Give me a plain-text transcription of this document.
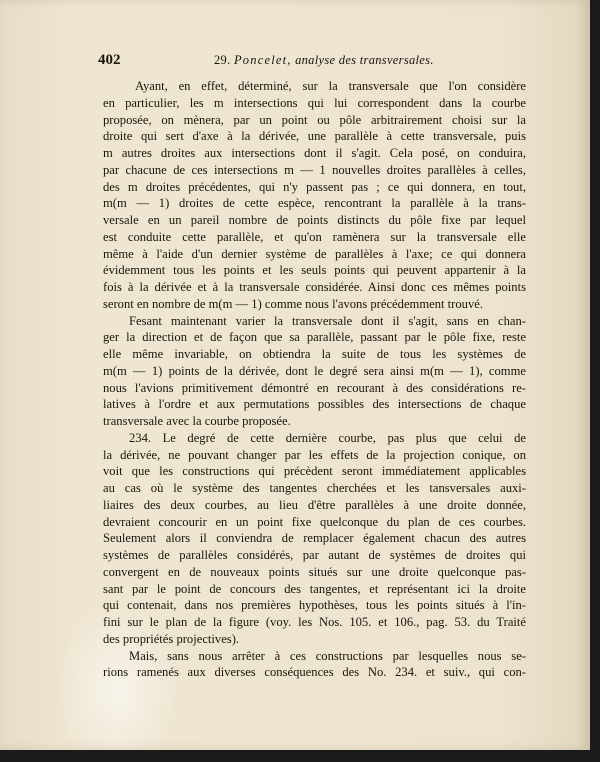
402	29. Poncelet, analyse des transversales.

Ayant, en effet, déterminé, sur la transversale que l'on considère
en particulier, les m intersections qui lui correspondent dans la courbe
proposée, on mènera, par un point ou pôle arbitrairement choisi sur la
droite qui sert d'axe à la dérivée, une parallèle à cette transversale, puis
m autres droites aux intersections dont il s'agit. Cela posé, on conduira,
par chacune de ces intersections m — 1 nouvelles droites parallèles à celles,
des m droites précédentes, qui n'y passent pas ; ce qui donnera, en tout,
m(m — 1) droites de cette espèce, rencontrant la parallèle à la trans-
versale en un pareil nombre de points distincts du pôle fixe par lequel
est conduite cette parallèle, et qu'on ramènera sur la transversale elle
même à l'aide d'un dernier système de parallèles à l'axe; ce qui donnera
évidemment tous les points et les seuls points qui peuvent appartenir à la
fois à la dérivée et à la transversale considérée. Ainsi donc ces mêmes points
seront en nombre de m(m — 1) comme nous l'avons précédemment trouvé.

Fesant maintenant varier la transversale dont il s'agit, sans en chan-
ger la direction et de façon que sa parallèle, passant par le pôle fixe, reste
elle même invariable, on obtiendra la suite de tous les systèmes de
m(m — 1) points de la dérivée, dont le degré sera ainsi m(m — 1), comme
nous l'avions primitivement démontré en recourant à des considérations re-
latives à l'ordre et aux permutations possibles des intersections de chaque
transversale avec la courbe proposée.

234. Le degré de cette dernière courbe, pas plus que celui de
la dérivée, ne pouvant changer par les effets de la projection conique, on
voit que les constructions qui précèdent seront immédiatement applicables
au cas où le système des tangentes cherchées et les tansversales auxi-
liaires des deux courbes, au lieu d'être parallèles à une droite donnée,
devraient concourir en un point fixe quelconque du plan de ces courbes.
Seulement alors il conviendra de remplacer également chacun des autres
systèmes de parallèles considérés, par autant de systèmes de droites qui
convergent en de nouveaux points situés sur une droite quelconque pas-
sant par le point de concours des tangentes, et représentant ici la droite
qui contenait, dans nos premières hypothèses, tous les points situés à l'in-
fini sur le plan de la figure (voy. les Nos. 105. et 106., pag. 53. du Traité
des propriétés projectives).

Mais, sans nous arrêter à ces constructions par lesquelles nous se-
rions ramenés aux diverses conséquences des No. 234. et suiv., qui con-
